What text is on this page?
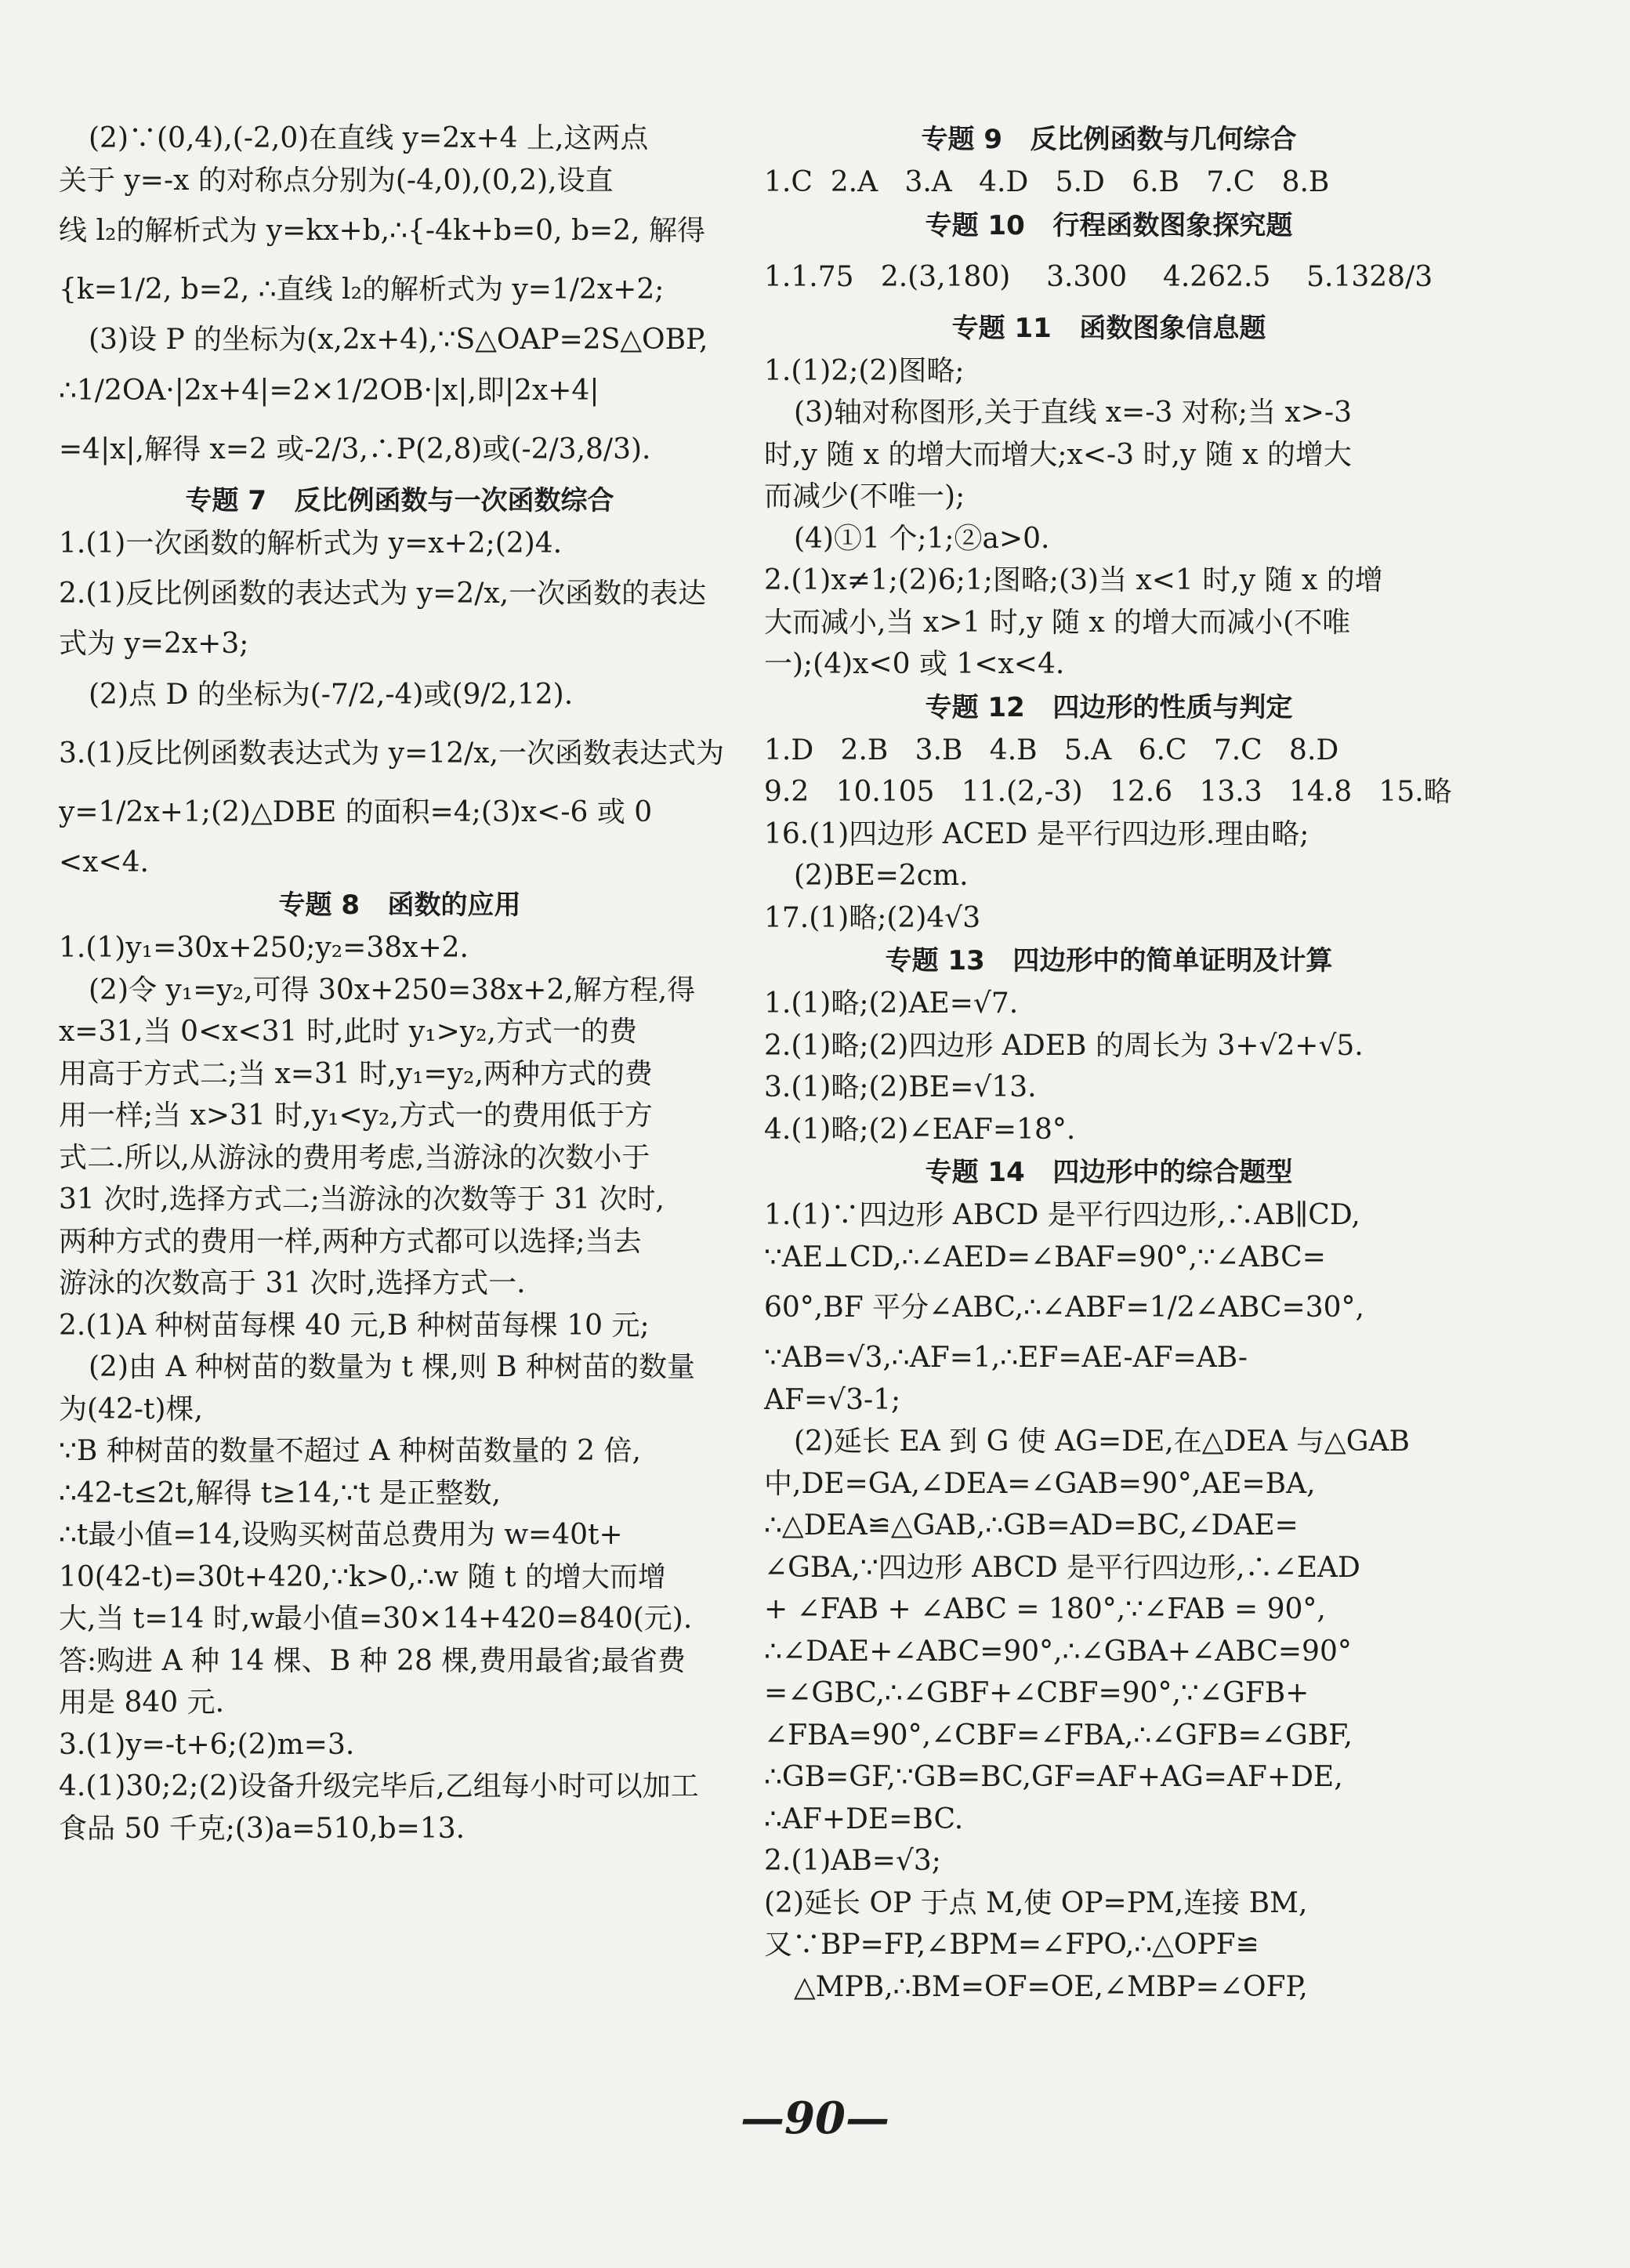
(2)∵(0,4),(-2,0)在直线 y=2x+4 上,这两点
关于 y=-x 的对称点分别为(-4,0),(0,2),设直
线 l₂的解析式为 y=kx+b,∴{-4k+b=0, b=2, 解得
{k=1/2, b=2, ∴直线 l₂的解析式为 y=1/2x+2;
(3)设 P 的坐标为(x,2x+4),∵S△OAP=2S△OBP,
∴1/2OA·|2x+4|=2×1/2OB·|x|,即|2x+4|
=4|x|,解得 x=2 或-2/3,∴P(2,8)或(-2/3,8/3).
专题 7   反比例函数与一次函数综合
1.(1)一次函数的解析式为 y=x+2;(2)4.
2.(1)反比例函数的表达式为 y=2/x,一次函数的表达
式为 y=2x+3;
(2)点 D 的坐标为(-7/2,-4)或(9/2,12).
3.(1)反比例函数表达式为 y=12/x,一次函数表达式为
y=1/2x+1;(2)△DBE 的面积=4;(3)x<-6 或 0
<x<4.
专题 8   函数的应用
1.(1)y₁=30x+250;y₂=38x+2.
(2)令 y₁=y₂,可得 30x+250=38x+2,解方程,得
x=31,当 0<x<31 时,此时 y₁>y₂,方式一的费
用高于方式二;当 x=31 时,y₁=y₂,两种方式的费
用一样;当 x>31 时,y₁<y₂,方式一的费用低于方
式二.所以,从游泳的费用考虑,当游泳的次数小于
31 次时,选择方式二;当游泳的次数等于 31 次时,
两种方式的费用一样,两种方式都可以选择;当去
游泳的次数高于 31 次时,选择方式一.
2.(1)A 种树苗每棵 40 元,B 种树苗每棵 10 元;
(2)由 A 种树苗的数量为 t 棵,则 B 种树苗的数量
为(42-t)棵,
∵B 种树苗的数量不超过 A 种树苗数量的 2 倍,
∴42-t≤2t,解得 t≥14,∵t 是正整数,
∴t最小值=14,设购买树苗总费用为 w=40t+
10(42-t)=30t+420,∵k>0,∴w 随 t 的增大而增
大,当 t=14 时,w最小值=30×14+420=840(元).
答:购进 A 种 14 棵、B 种 28 棵,费用最省;最省费
用是 840 元.
3.(1)y=-t+6;(2)m=3.
4.(1)30;2;(2)设备升级完毕后,乙组每小时可以加工
食品 50 千克;(3)a=510,b=13.
专题 9   反比例函数与几何综合
1.C  2.A   3.A   4.D   5.D   6.B   7.C   8.B
专题 10   行程函数图象探究题
1.1.75   2.(3,180)    3.300    4.262.5    5.1328/3
专题 11   函数图象信息题
1.(1)2;(2)图略;
(3)轴对称图形,关于直线 x=-3 对称;当 x>-3
时,y 随 x 的增大而增大;x<-3 时,y 随 x 的增大
而减少(不唯一);
(4)①1 个;1;②a>0.
2.(1)x≠1;(2)6;1;图略;(3)当 x<1 时,y 随 x 的增
大而减小,当 x>1 时,y 随 x 的增大而减小(不唯
一);(4)x<0 或 1<x<4.
专题 12   四边形的性质与判定
1.D   2.B   3.B   4.B   5.A   6.C   7.C   8.D
9.2   10.105   11.(2,-3)   12.6   13.3   14.8   15.略
16.(1)四边形 ACED 是平行四边形.理由略;
(2)BE=2cm.
17.(1)略;(2)4√3
专题 13   四边形中的简单证明及计算
1.(1)略;(2)AE=√7.
2.(1)略;(2)四边形 ADEB 的周长为 3+√2+√5.
3.(1)略;(2)BE=√13.
4.(1)略;(2)∠EAF=18°.
专题 14   四边形中的综合题型
1.(1)∵四边形 ABCD 是平行四边形,∴AB∥CD,
∵AE⊥CD,∴∠AED=∠BAF=90°,∵∠ABC=
60°,BF 平分∠ABC,∴∠ABF=1/2∠ABC=30°,
∵AB=√3,∴AF=1,∴EF=AE-AF=AB-
AF=√3-1;
(2)延长 EA 到 G 使 AG=DE,在△DEA 与△GAB
中,DE=GA,∠DEA=∠GAB=90°,AE=BA,
∴△DEA≌△GAB,∴GB=AD=BC,∠DAE=
∠GBA,∵四边形 ABCD 是平行四边形,∴∠EAD
+ ∠FAB + ∠ABC = 180°,∵∠FAB = 90°,
∴∠DAE+∠ABC=90°,∴∠GBA+∠ABC=90°
=∠GBC,∴∠GBF+∠CBF=90°,∵∠GFB+
∠FBA=90°,∠CBF=∠FBA,∴∠GFB=∠GBF,
∴GB=GF,∵GB=BC,GF=AF+AG=AF+DE,
∴AF+DE=BC.
2.(1)AB=√3;
(2)延长 OP 于点 M,使 OP=PM,连接 BM,
又∵BP=FP,∠BPM=∠FPO,∴△OPF≌
△MPB,∴BM=OF=OE,∠MBP=∠OFP,
—90—
